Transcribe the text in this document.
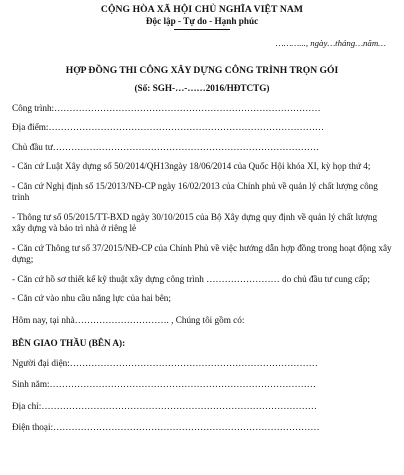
CỘNG HÒA XÃ HỘI CHỦ NGHĨA VIỆT NAM
Độc lập - Tự do - Hạnh phúc
………..., ngày…tháng…năm…
HỢP ĐỒNG THI CÔNG XÂY DỰNG CÔNG TRÌNH TRỌN GÓI
(Số: SGH-…-……2016/HĐTCTG)

Công trình:……………………………………………………………………………

Địa điểm:………………………………………………………………………………

Chủ đầu tư……………………………………………………………………………

- Căn cứ Luật Xây dựng số 50/2014/QH13ngày 18/06/2014 của Quốc Hội khóa XI, kỳ họp thứ 4;

- Căn cứ Nghị định số 15/2013/NĐ-CP ngày 16/02/2013 của Chính phủ về quản lý chất lượng công trình

- Thông tư số 05/2015/TT-BXD ngày 30/10/2015 của Bộ Xây dựng quy định về quản lý chất lượng xây dựng và bảo trì nhà ở riêng lẻ

- Căn cứ Thông tư số 37/2015/NĐ-CP của Chính Phủ về việc hướng dẫn hợp đồng trong hoạt động xây dựng;

- Căn cứ hồ sơ thiết kế kỹ thuật xây dựng công trình …………………… do chủ đầu tư cung cấp;

- Căn cứ vào nhu cầu năng lực của hai bên;

Hôm nay, tại nhà…………………………. , Chúng tôi gồm có:

BÊN GIAO THẦU (BÊN A):

Người đại diện:………………………………………………………………………

Sinh năm:……………………………………………………………………………

Địa chỉ:………………………………………………………………………………

Điện thoại:……………………………………………………………………………
